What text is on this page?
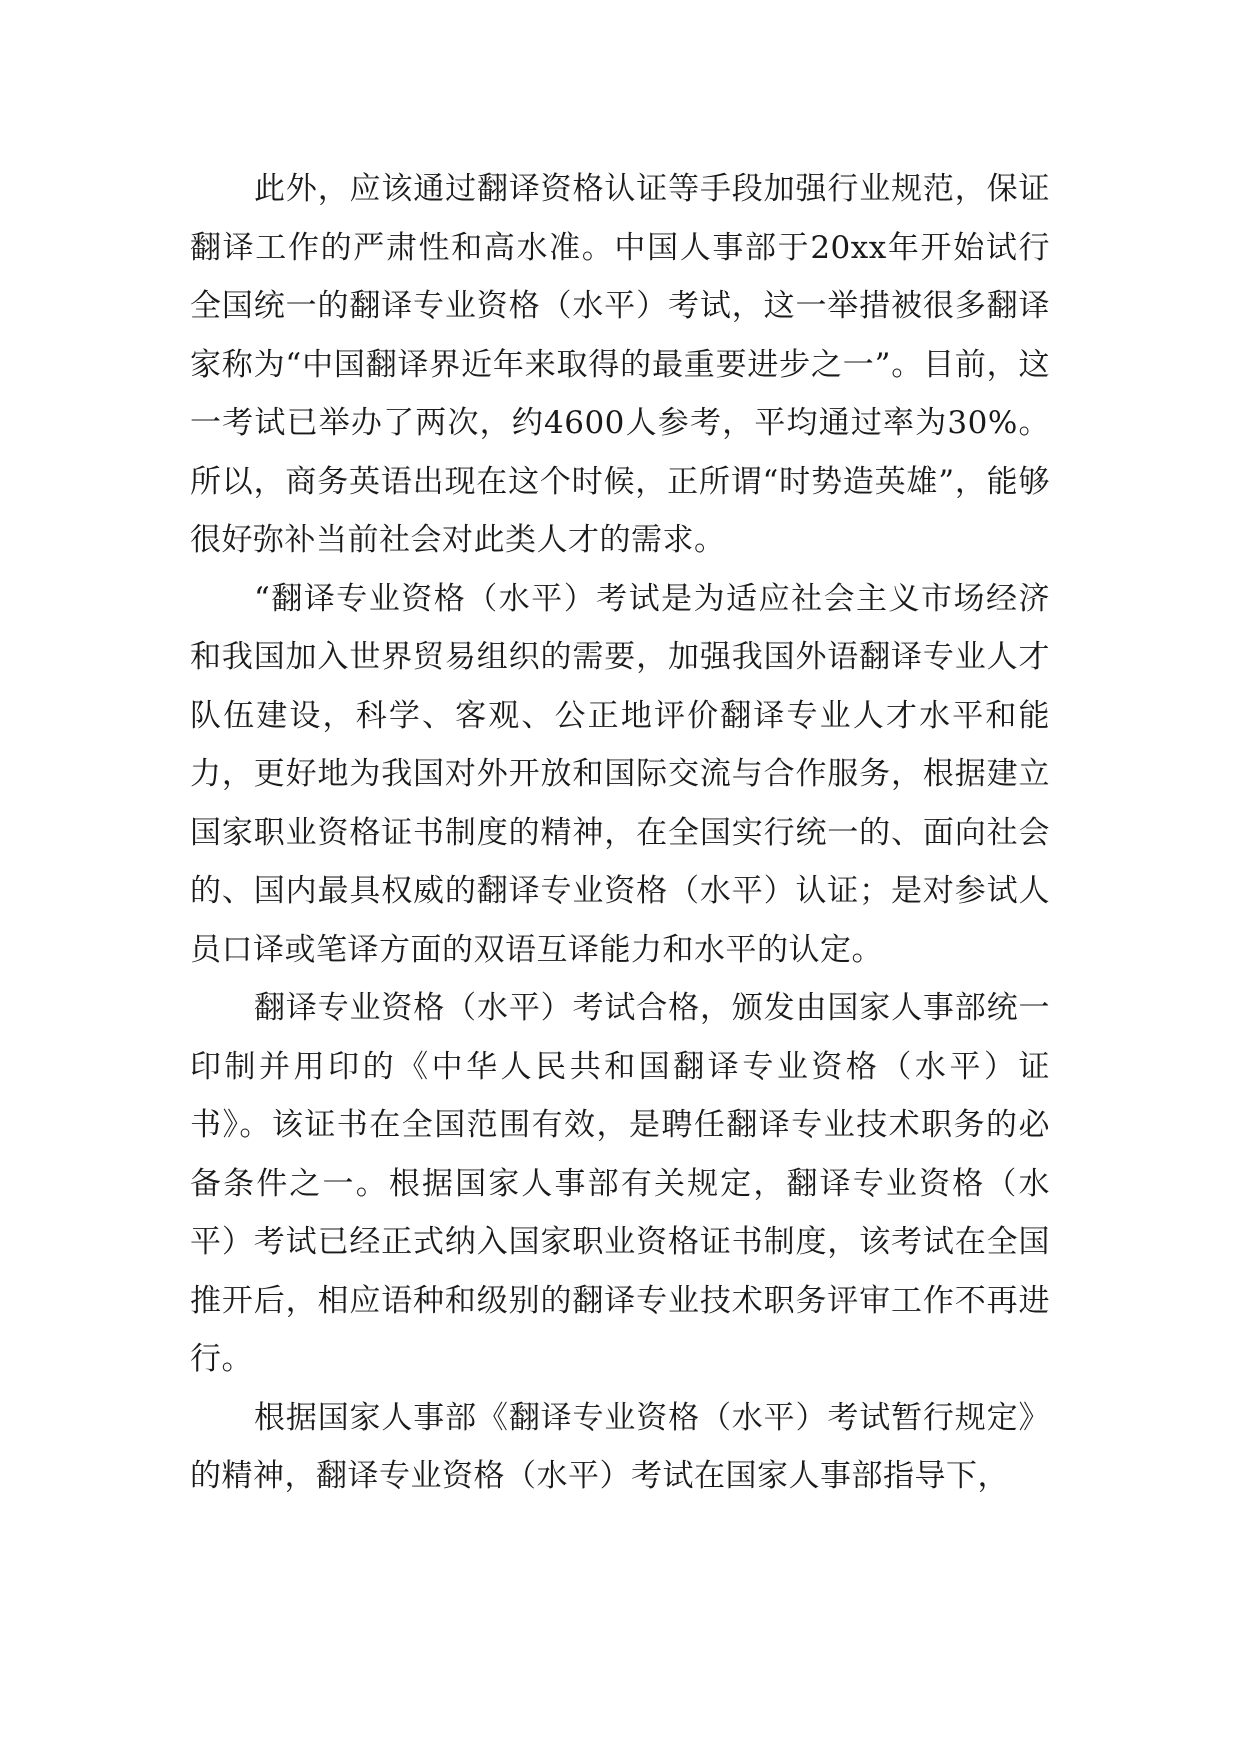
此外，应该通过翻译资格认证等手段加强行业规范，保证翻译工作的严肃性和高水准。中国人事部于20xx年开始试行全国统一的翻译专业资格（水平）考试，这一举措被很多翻译家称为“中国翻译界近年来取得的最重要进步之一”。目前，这一考试已举办了两次，约4600人参考，平均通过率为30%。所以，商务英语出现在这个时候，正所谓“时势造英雄”，能够很好弥补当前社会对此类人才的需求。

“翻译专业资格（水平）考试是为适应社会主义市场经济和我国加入世界贸易组织的需要，加强我国外语翻译专业人才队伍建设，科学、客观、公正地评价翻译专业人才水平和能力，更好地为我国对外开放和国际交流与合作服务，根据建立国家职业资格证书制度的精神，在全国实行统一的、面向社会的、国内最具权威的翻译专业资格（水平）认证；是对参试人员口译或笔译方面的双语互译能力和水平的认定。

翻译专业资格（水平）考试合格，颁发由国家人事部统一印制并用印的《中华人民共和国翻译专业资格（水平）证书》。该证书在全国范围有效，是聘任翻译专业技术职务的必备条件之一。根据国家人事部有关规定，翻译专业资格（水平）考试已经正式纳入国家职业资格证书制度，该考试在全国推开后，相应语种和级别的翻译专业技术职务评审工作不再进行。

根据国家人事部《翻译专业资格（水平）考试暂行规定》的精神，翻译专业资格（水平）考试在国家人事部指导下，
